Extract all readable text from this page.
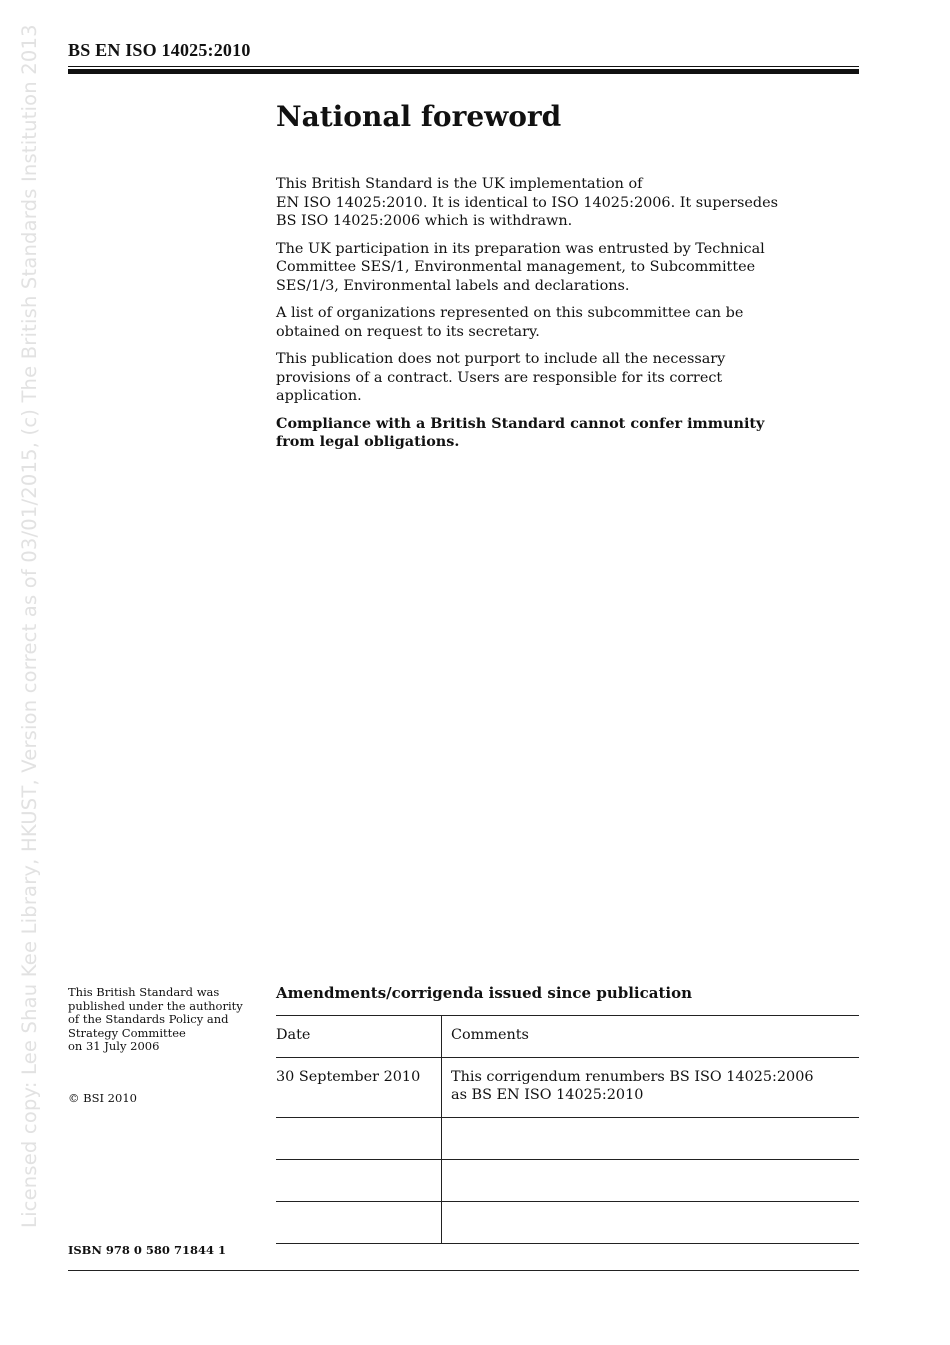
BS EN ISO 14025:2010
Licensed copy: Lee Shau Kee Library, HKUST, Version correct as of 03/01/2015, (c) The British Standards Institution 2013	National foreword

This British Standard is the UK implementation of
EN ISO 14025:2010. It is identical to ISO 14025:2006. It supersedes
BS ISO 14025:2006 which is withdrawn.

The UK participation in its preparation was entrusted by Technical
Committee SES/1, Environmental management, to Subcommittee
SES/1/3, Environmental labels and declarations.

A list of organizations represented on this subcommittee can be
obtained on request to its secretary.

This publication does not purport to include all the necessary
provisions of a contract. Users are responsible for its correct
application.

Compliance with a British Standard cannot confer immunity
from legal obligations.

This British Standard was
published under the authority
of the Standards Policy and
Strategy Committee
on 31 July 2006
© BSI 2010
ISBN 978 0 580 71844 1
Amendments/corrigenda issued since publication
Date	Comments
30 September 2010	This corrigendum renumbers BS ISO 14025:2006
as BS EN ISO 14025:2010
